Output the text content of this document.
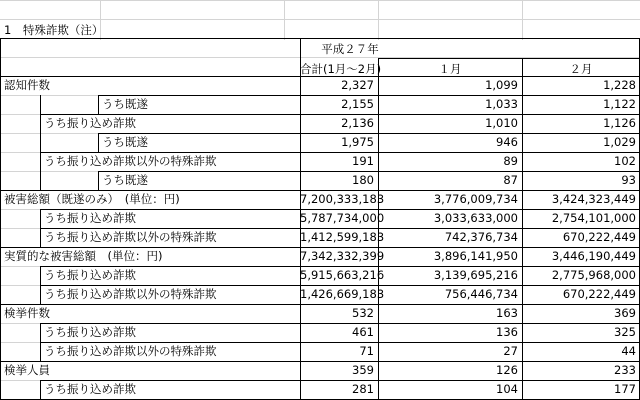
1　特殊詐欺（注）
平成２７年
合計(1月～2月)	１月	２月
認知件数	2,327	1,099	1,228
うち既遂	2,155	1,033	1,122
うち振り込め詐欺	2,136	1,010	1,126
うち既遂	1,975	946	1,029
うち振り込め詐欺以外の特殊詐欺	191	89	102
うち既遂	180	87	93
被害総額（既遂のみ）　(単位：円)	7,200,333,183	3,776,009,734	3,424,323,449
うち振り込め詐欺	5,787,734,000	3,033,633,000	2,754,101,000
うち振り込め詐欺以外の特殊詐欺	1,412,599,183	742,376,734	670,222,449
実質的な被害総額　(単位：円)	7,342,332,399	3,896,141,950	3,446,190,449
うち振り込め詐欺	5,915,663,216	3,139,695,216	2,775,968,000
うち振り込め詐欺以外の特殊詐欺	1,426,669,183	756,446,734	670,222,449
検挙件数	532	163	369
うち振り込め詐欺	461	136	325
うち振り込め詐欺以外の特殊詐欺	71	27	44
検挙人員	359	126	233
うち振り込め詐欺	281	104	177
